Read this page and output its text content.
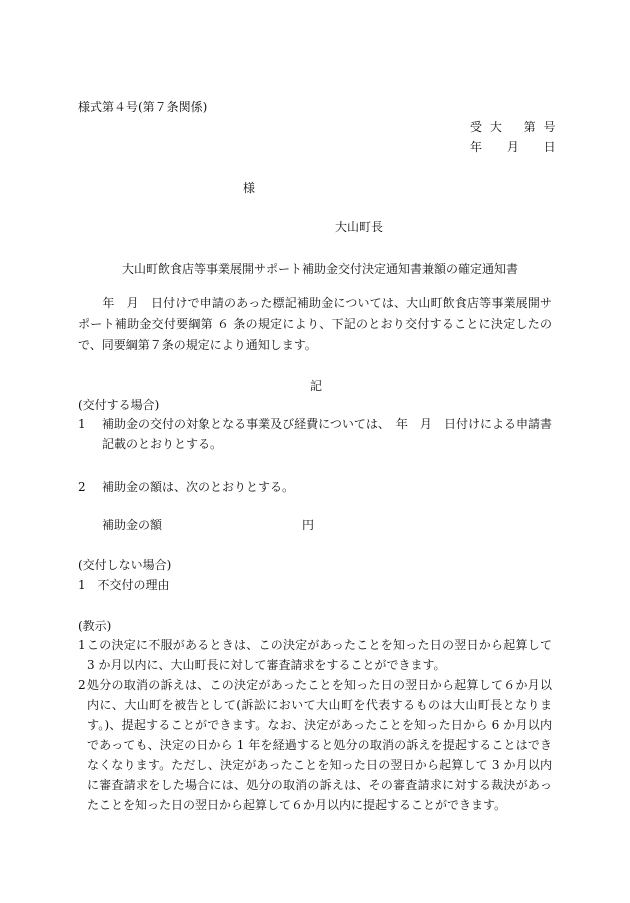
様式第４号(第７条関係)
受 大　 第 号
年　 月　 日
様
大山町長
大山町飲食店等事業展開サポート補助金交付決定通知書兼額の確定通知書
　　年　月　日付けで申請のあった標記補助金については、大山町飲食店等事業展開サポート補助金交付要綱第 ６ 条の規定により、下記のとおり交付することに決定したので、同要綱第７条の規定により通知します。
記
(交付する場合)
1	補助金の交付の対象となる事業及び経費については、　年　月　日付けによる申請書記載のとおりとする。
2	補助金の額は、次のとおりとする。
補助金の額	円
(交付しない場合)
1 不交付の理由
(教示)
1 この決定に不服があるときは、この決定があったことを知った日の翌日から起算して 3 か月以内に、大山町長に対して審査請求をすることができます。
2 処分の取消の訴えは、この決定があったことを知った日の翌日から起算して６か月以内に、大山町を被告として(訴訟において大山町を代表するものは大山町長となります。)、提起することができます。なお、決定があったことを知った日から 6 か月以内であっても、決定の日から 1 年を経過すると処分の取消の訴えを提起することはできなくなります。ただし、決定があったことを知った日の翌日から起算して 3 か月以内に審査請求をした場合には、処分の取消の訴えは、その審査請求に対する裁決があったことを知った日の翌日から起算して６か月以内に提起することができます。
